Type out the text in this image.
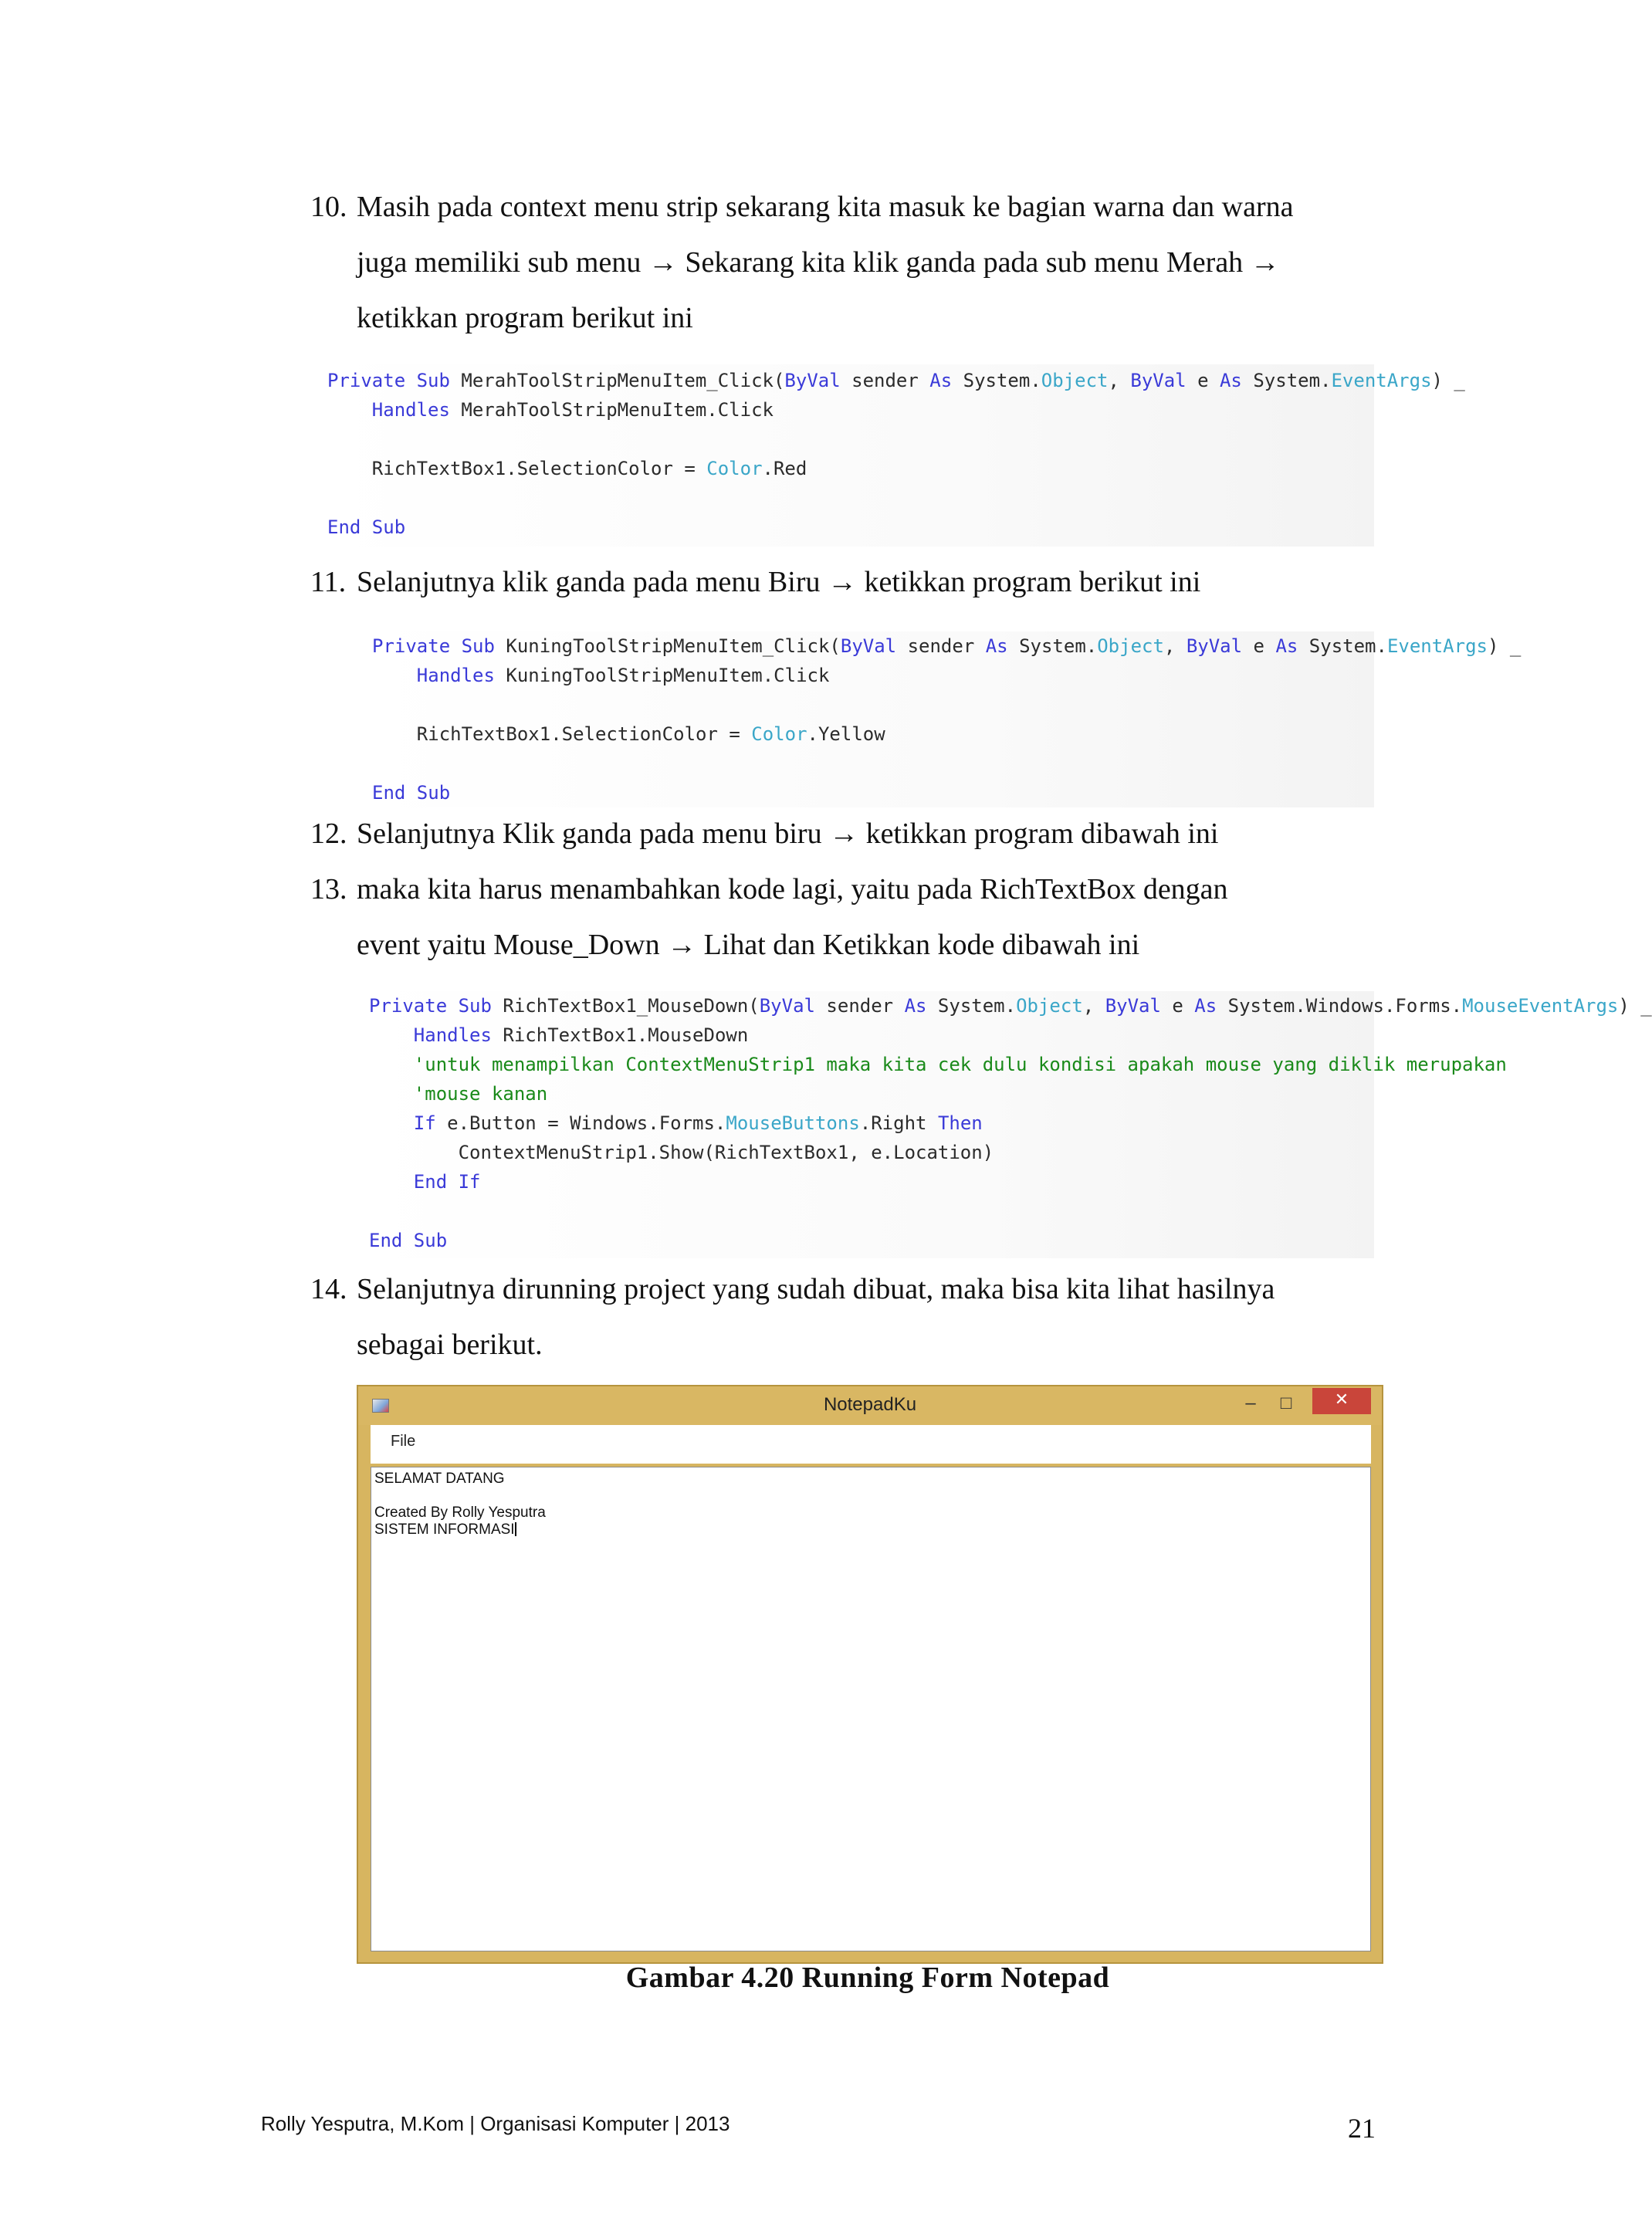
10. Masih pada context menu strip sekarang kita masuk ke bagian warna dan warna
juga memiliki sub menu → Sekarang kita klik ganda pada sub menu Merah →
ketikkan program berikut ini
Private Sub MerahToolStripMenuItem_Click(ByVal sender As System.Object, ByVal e As System.EventArgs) _
Handles MerahToolStripMenuItem.Click
RichTextBox1.SelectionColor = Color.Red
End Sub
11. Selanjutnya klik ganda pada menu Biru → ketikkan program berikut ini
Private Sub KuningToolStripMenuItem_Click(ByVal sender As System.Object, ByVal e As System.EventArgs) _
Handles KuningToolStripMenuItem.Click
RichTextBox1.SelectionColor = Color.Yellow
End Sub
12. Selanjutnya Klik ganda pada menu biru → ketikkan program dibawah ini
13. maka kita harus menambahkan kode lagi, yaitu pada RichTextBox dengan
event yaitu Mouse_Down → Lihat dan Ketikkan kode dibawah ini
Private Sub RichTextBox1_MouseDown(ByVal sender As System.Object, ByVal e As System.Windows.Forms.MouseEventArgs) _
Handles RichTextBox1.MouseDown
'untuk menampilkan ContextMenuStrip1 maka kita cek dulu kondisi apakah mouse yang diklik merupakan
'mouse kanan
If e.Button = Windows.Forms.MouseButtons.Right Then
ContextMenuStrip1.Show(RichTextBox1, e.Location)
End If
End Sub
14. Selanjutnya dirunning project yang sudah dibuat, maka bisa kita lihat hasilnya
sebagai berikut.
NotepadKu	–	□	✕
File
SELAMAT DATANG
Created By Rolly Yesputra
SISTEM INFORMASI
Gambar 4.20 Running Form Notepad
Rolly Yesputra, M.Kom | Organisasi Komputer | 2013	21
